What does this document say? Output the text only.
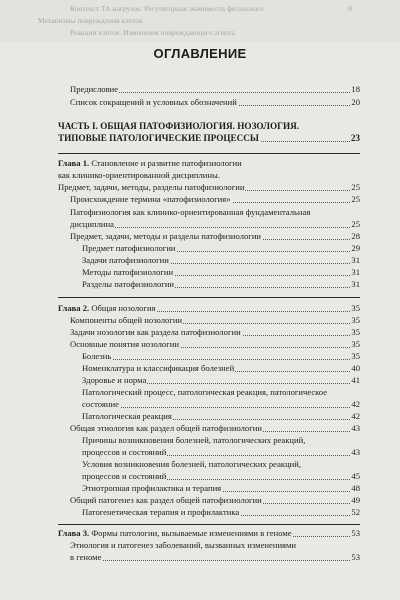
Контекст ТА нагрузок. Регуляторная значимость фетального
Механизмы повреждения клеток
Реакции клеток. Изменения повреждающего агента
8
ОГЛАВЛЕНИЕ
Предисловие	18
Список сокращений и условных обозначений	20
ЧАСТЬ I. ОБЩАЯ ПАТОФИЗИОЛОГИЯ. НОЗОЛОГИЯ.
ТИПОВЫЕ ПАТОЛОГИЧЕСКИЕ ПРОЦЕССЫ	23
Глава 1. Становление и развитие патофизиологии
как клинико-ориентированной дисциплины.
Предмет, задачи, методы, разделы патофизиологии	25
Происхождение термина «патофизиология»	25
Патофизиология как клинико-ориентированная фундаментальная
дисциплина	25
Предмет, задачи, методы и разделы патофизиологии	28
Предмет патофизиологии	29
Задачи патофизиологии	31
Методы патофизиологии	31
Разделы патофизиологии	31
Глава 2. Общая нозология	35
Компоненты общей нозологии	35
Задачи нозологии как раздела патофизиологии	35
Основные понятия нозологии	35
Болезнь	35
Номенклатура и классификация болезней	40
Здоровье и норма	41
Патологический процесс, патологическая реакция, патологическое
состояние	42
Патологическая реакция	42
Общая этиология как раздел общей патофизиологии	43
Причины возникновения болезней, патологических реакций,
процессов и состояний	43
Условия возникновения болезней, патологических реакций,
процессов и состояний	45
Этиотропная профилактика и терапия	48
Общий патогенез как раздел общей патофизиологии	49
Патогенетическая терапия и профилактика	52
Глава 3. Формы патологии, вызываемые изменениями в геноме	53
Этиология и патогенез заболеваний, вызванных изменениями
в геноме	53
